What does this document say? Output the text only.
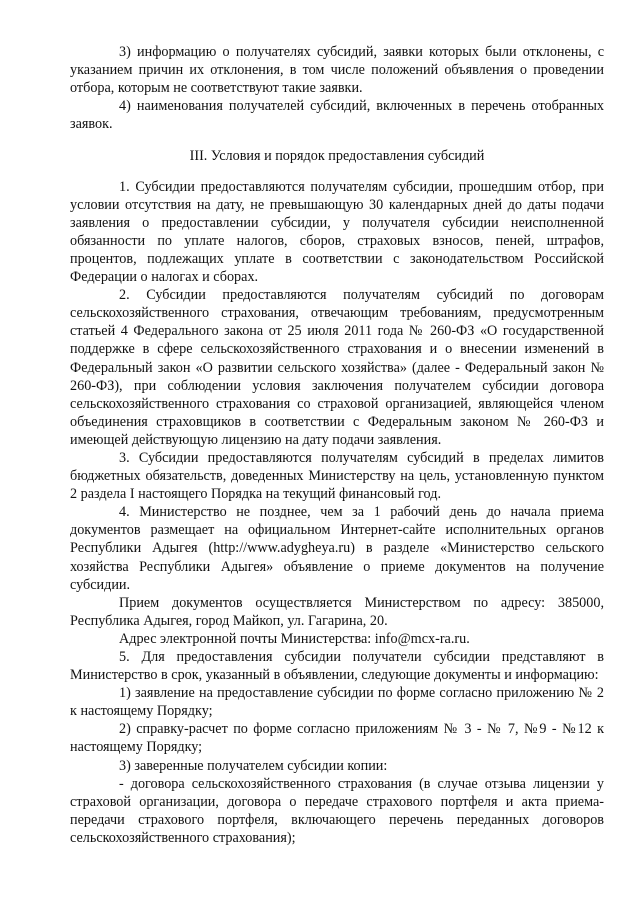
3) информацию о получателях субсидий, заявки которых были отклонены, с указанием причин их отклонения, в том числе положений объявления о проведении отбора, которым не соответствуют такие заявки.

4) наименования получателей субсидий, включенных в перечень отобранных заявок.

III. Условия и порядок предоставления субсидий

1. Субсидии предоставляются получателям субсидии, прошедшим отбор, при условии отсутствия на дату, не превышающую 30 календарных дней до даты подачи заявления о предоставлении субсидии, у получателя субсидии неисполненной обязанности по уплате налогов, сборов, страховых взносов, пеней, штрафов, процентов, подлежащих уплате в соответствии с законодательством Российской Федерации о налогах и сборах.

2. Субсидии предоставляются получателям субсидий по договорам сельскохозяйственного страхования, отвечающим требованиям, предусмотренным статьей 4 Федерального закона от 25 июля 2011 года № 260-ФЗ «О государственной поддержке в сфере сельскохозяйственного страхования и о внесении изменений в Федеральный закон «О развитии сельского хозяйства» (далее - Федеральный закон № 260-ФЗ), при соблюдении условия заключения получателем субсидии договора сельскохозяйственного страхования со страховой организацией, являющейся членом объединения страховщиков в соответствии с Федеральным законом № 260-ФЗ и имеющей действующую лицензию на дату подачи заявления.

3. Субсидии предоставляются получателям субсидий в пределах лимитов бюджетных обязательств, доведенных Министерству на цель, установленную пунктом 2 раздела I настоящего Порядка на текущий финансовый год.

4. Министерство не позднее, чем за 1 рабочий день до начала приема документов размещает на официальном Интернет-сайте исполнительных органов Республики Адыгея (http://www.adygheya.ru) в разделе «Министерство сельского хозяйства Республики Адыгея» объявление о приеме документов на получение субсидии.

Прием документов осуществляется Министерством по адресу: 385000, Республика Адыгея, город Майкоп, ул. Гагарина, 20.

Адрес электронной почты Министерства: info@mcx-ra.ru.

5. Для предоставления субсидии получатели субсидии представляют в Министерство в срок, указанный в объявлении, следующие документы и информацию:

1) заявление на предоставление субсидии по форме согласно приложению № 2 к настоящему Порядку;

2) справку-расчет по форме согласно приложениям № 3 - № 7, №9 - №12 к настоящему Порядку;

3) заверенные получателем субсидии копии:

- договора сельскохозяйственного страхования (в случае отзыва лицензии у страховой организации, договора о передаче страхового портфеля и акта приема-передачи страхового портфеля, включающего перечень переданных договоров сельскохозяйственного страхования);
